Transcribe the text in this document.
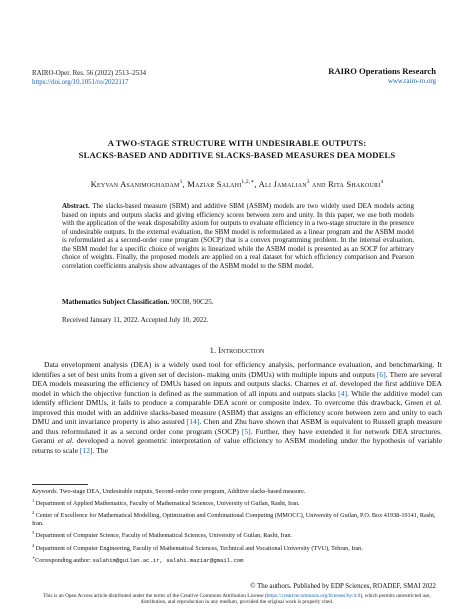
RAIRO-Oper. Res. 56 (2022) 2513–2534
https://doi.org/10.1051/ro/2022117
RAIRO Operations Research
www.rairo-ro.org
A TWO-STAGE STRUCTURE WITH UNDESIRABLE OUTPUTS:
SLACKS-BASED AND ADDITIVE SLACKS-BASED MEASURES DEA MODELS
Keyvan Asanimoghadam$^1$, Maziar Salahi$^{1,2,∗}$, Ali Jamalian$^3$ and Rita Shakouri$^4$
Abstract. The slacks-based measure (SBM) and additive SBM (ASBM) models are two widely used DEA models acting based on inputs and outputs slacks and giving efficiency scores between zero and unity. In this paper, we use both models with the application of the weak disposability axiom for outputs to evaluate efficiency in a two-stage structure in the presence of undesirable outputs. In the external evaluation, the SBM model is reformulated as a linear program and the ASBM model is reformulated as a second-order cone program (SOCP) that is a convex programming problem. In the internal evaluation, the SBM model for a specific choice of weights is linearized while the ASBM model is presented as an SOCP for arbitrary choice of weights. Finally, the proposed models are applied on a real dataset for which efficiency comparison and Pearson correlation coefficients analysis show advantages of the ASBM model to the SBM model.
Mathematics Subject Classification. 90C08, 90C25.
Received January 11, 2022. Accepted July 10, 2022.
1. Introduction
Data envelopment analysis (DEA) is a widely used tool for efficiency analysis, performance evaluation, and benchmarking. It identifies a set of best units from a given set of decision- making units (DMUs) with multiple inputs and outputs [6]. There are several DEA models measuring the efficiency of DMUs based on inputs and outputs slacks. Charnes et al. developed the first additive DEA model in which the objective function is defined as the summation of all inputs and outputs slacks [4]. While the additive model can identify efficient DMUs, it fails to produce a comparable DEA score or composite index. To overcome this drawback, Green et al. improved this model with an additive slacks-based measure (ASBM) that assigns an efficiency score between zero and unity to each DMU and unit invariance property is also assured [14]. Chen and Zhu have shown that ASBM is equivalent to Russell graph measure and thus reformulated it as a second order cone program (SOCP) [5]. Further, they have extended it for network DEA structures. Gerami et al. developed a novel geometric interpretation of value efficiency to ASBM modeling under the hypothesis of variable returns to scale [12]. The

Keywords. Two-stage DEA, Undesirable outputs, Second-order cone program, Additive slacks-based measure.

$^1$ Department of Applied Mathematics, Faculty of Mathematical Sciences, University of Guilan, Rasht, Iran.

$^2$ Center of Excellence for Mathematical Modelling, Optimization and Combinational Computing (MMOCC), University of Guilan, P.O. Box 41938-19141, Rasht, Iran.

$^3$ Department of Computer Science, Faculty of Mathematical Sciences, University of Guilan, Rasht, Iran.

$^4$ Department of Computer Engineering, Faculty of Mathematical Sciences, Technical and Vocational University (TVU), Tehran, Iran.

∗Corresponding author: salahim@guilan.ac.ir, salahi.maziar@gmail.com

© The authors. Published by EDP Sciences, ROADEF, SMAI 2022
This is an Open Access article distributed under the terms of the Creative Commons Attribution License (https://creativecommons.org/licenses/by/4.0), which permits unrestricted use, distribution, and reproduction in any medium, provided the original work is properly cited.
